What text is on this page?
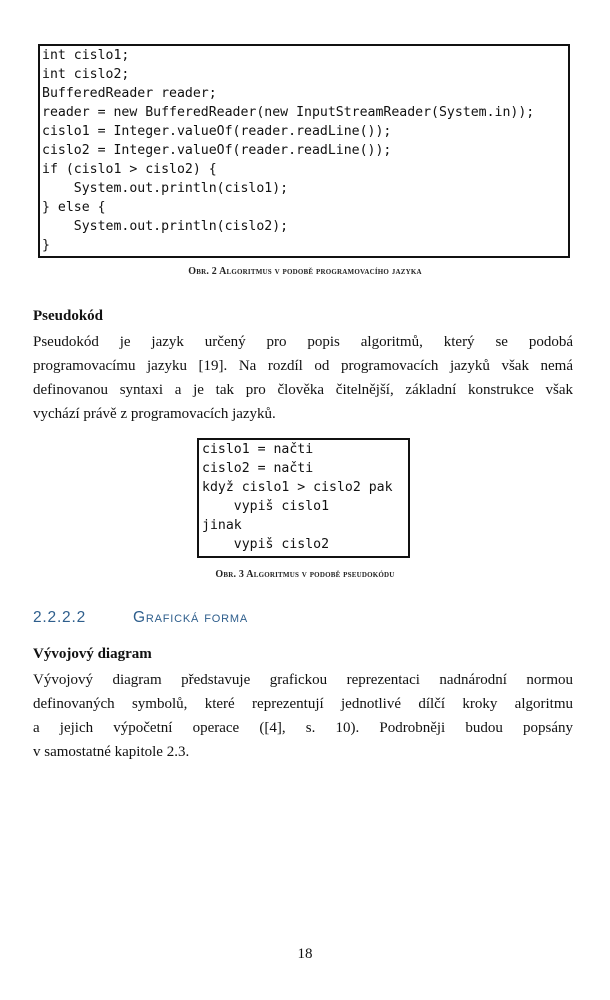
int cislo1;
int cislo2;
BufferedReader reader;
reader = new BufferedReader(new InputStreamReader(System.in));
cislo1 = Integer.valueOf(reader.readLine());
cislo2 = Integer.valueOf(reader.readLine());
if (cislo1 > cislo2) {
System.out.println(cislo1);
} else {
System.out.println(cislo2);
}
Obr. 2 Algoritmus v podobě programovacího jazyka
Pseudokód
Pseudokód je jazyk určený pro popis algoritmů, který se podobá
programovacímu jazyku [19]. Na rozdíl od programovacích jazyků však nemá
definovanou syntaxi a je tak pro člověka čitelnější, základní konstrukce však
vychází právě z programovacích jazyků.
cislo1 = načti
cislo2 = načti
když cislo1 > cislo2 pak
vypiš cislo1
jinak
vypiš cislo2
Obr. 3 Algoritmus v podobě pseudokódu
2.2.2.2	Grafická forma
Vývojový diagram
Vývojový diagram představuje grafickou reprezentaci nadnárodní normou
definovaných symbolů, které reprezentují jednotlivé dílčí kroky algoritmu
a jejich výpočetní operace ([4], s. 10). Podrobněji budou popsány
v samostatné kapitole 2.3.
18
